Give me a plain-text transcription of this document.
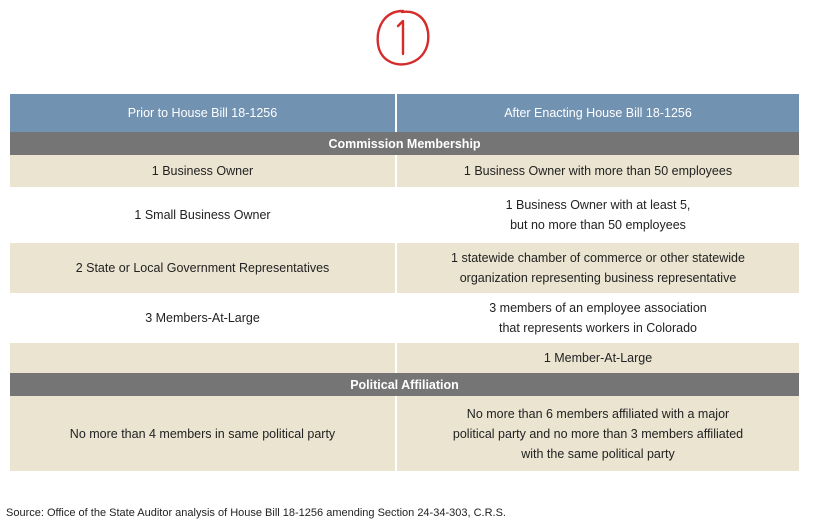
Prior to House Bill 18-1256	After Enacting House Bill 18-1256
Commission Membership	

1 Business Owner	1 Business Owner with more than 50 employees

1 Small Business Owner	1 Business Owner with at least 5,
but no more than 50 employees

2 State or Local Government Representatives	1 statewide chamber of commerce or other statewide
organization representing business representative

3 Members-At-Large	3 members of an employee association
that represents workers in Colorado

	1 Member-At-Large

Political Affiliation	

No more than 4 members in same political party	No more than 6 members affiliated with a major
political party and no more than 3 members affiliated
with the same political party
Source: Office of the State Auditor analysis of House Bill 18-1256 amending Section 24-34-303, C.R.S.
